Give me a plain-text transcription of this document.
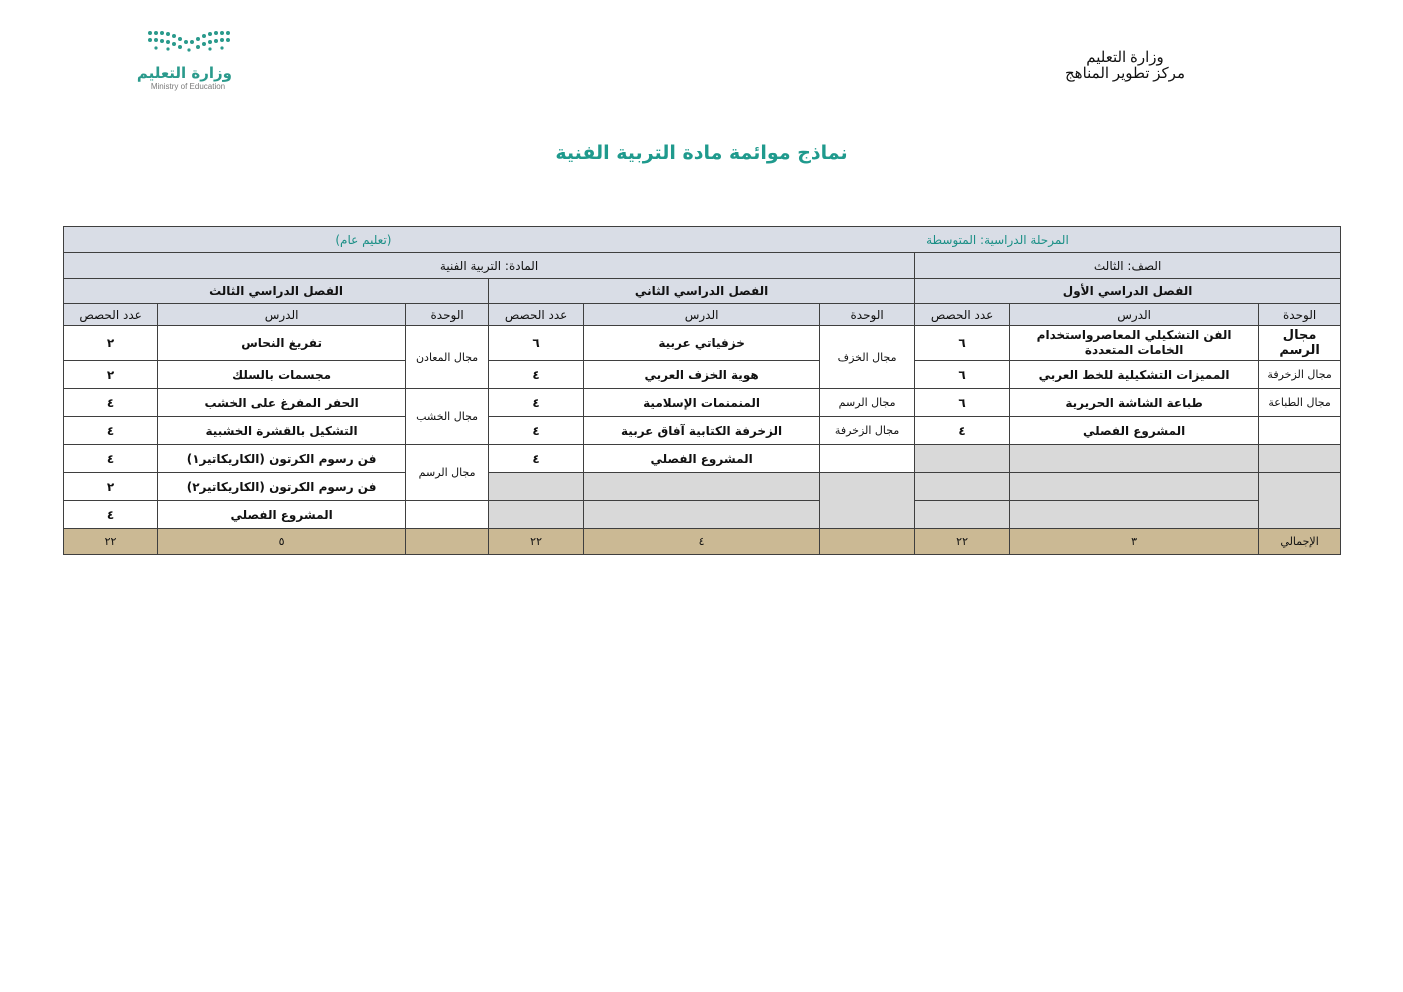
وزارة التعليم
Ministry of Education
وزارة التعليم
مركز تطوير المناهج
نماذج موائمة مادة التربية الفنية
المرحلة الدراسية: المتوسطة
(تعليم عام)								

الصف: الثالث			المادة: التربية الفنية					
الفصل الدراسي الأول			الفصل الدراسي الثاني			الفصل الدراسي الثالث		
الوحدة	الدرس	عدد الحصص	الوحدة	الدرس	عدد الحصص	الوحدة	الدرس	عدد الحصص
مجال الرسم	الفن التشكيلي المعاصرواستخدام الخامات المتعددة	٦	مجال الخزف	خزفياتي عربية	٦	مجال المعادن	تفريغ النحاس	٢
مجال الزخرفة	المميزات التشكيلية للخط العربي	٦		هوية الخزف العربي	٤		مجسمات بالسلك	٢
مجال الطباعة	طباعة الشاشة الحريرية	٦	مجال الرسم	المنمنمات الإسلامية	٤	مجال الخشب	الحفر المفرغ على الخشب	٤
	المشروع الفصلي	٤	مجال الزخرفة	الزخرفة الكتابية آفاق عربية	٤		التشكيل بالقشرة الخشبية	٤
				المشروع الفصلي	٤	مجال الرسم	فن رسوم الكرتون (الكاريكاتير١)	٤
							فن رسوم الكرتون (الكاريكاتير٢)	٢
							المشروع الفصلي	٤
الإجمالي	٣	٢٢		٤	٢٢		٥	٢٢
